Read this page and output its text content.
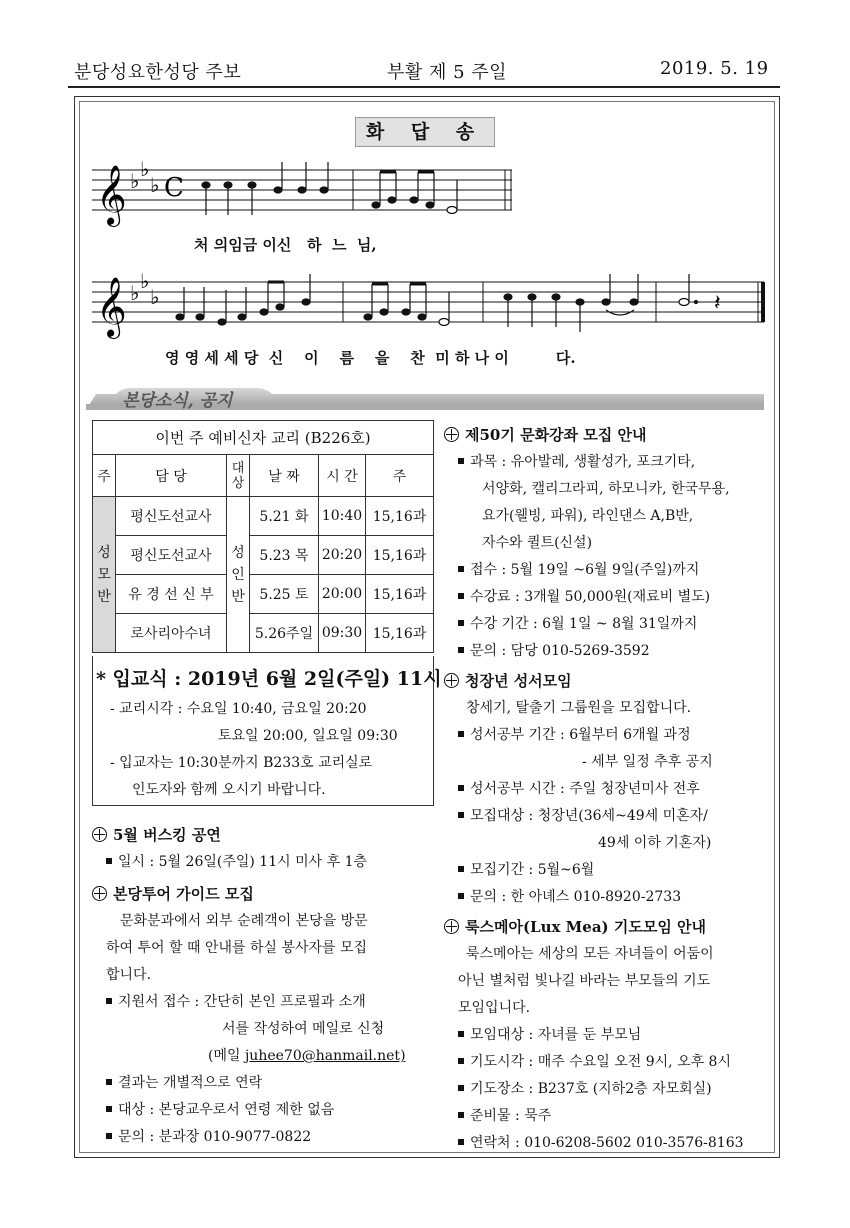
분당성요한성당 주보	부활 제 5 주일	2019. 5. 19
화 답 송
𝄞 ♭ ♭
♭ C
처 의임금 이신   하  느  님,
𝄞 ♭ ♭
♭	𝄽
영 영 세 세 당  신    이    름    을    찬  미 하 나 이         다.
본당소식, 공지
이번 주 예비신자 교리 (B226호)					
주	담 당	대상	날 짜	시 간	주
성모반	평신도선교사	성인반	5.21 화	10:40	15,16과
	평신도선교사		5.23 목	20:20	15,16과
	유 경 선 신 부		5.25 토	20:00	15,16과
	로사리아수녀		5.26주일	09:30	15,16과
* 입교식 : 2019년 6월 2일(주일) 11시
- 교리시각 : 수요일 10:40, 금요일 20:20
토요일 20:00, 일요일 09:30
- 입교자는 10:30분까지 B233호 교리실로
인도자와 함께 오시기 바랍니다.
5월 버스킹 공연
일시 : 5월 26일(주일) 11시 미사 후 1층
본당투어 가이드 모집
문화분과에서 외부 순례객이 본당을 방문
하여 투어 할 때 안내를 하실 봉사자를 모집
합니다.
지원서 접수 : 간단히 본인 프로필과 소개
서를 작성하여 메일로 신청
(메일 juhee70@hanmail.net)
결과는 개별적으로 연락
대상 : 본당교우로서 연령 제한 없음
문의 : 분과장 010-9077-0822
제50기 문화강좌 모집 안내
과목 : 유아발레, 생활성가, 포크기타,
서양화, 캘리그라피, 하모니카, 한국무용,
요가(웰빙, 파워), 라인댄스 A,B반,
자수와 퀼트(신설)
접수 : 5월 19일 ~6월 9일(주일)까지
수강료 : 3개월 50,000원(재료비 별도)
수강 기간 : 6월 1일 ~ 8월 31일까지
문의 : 담당 010-5269-3592
청장년 성서모임
창세기, 탈출기 그룹원을 모집합니다.
성서공부 기간 : 6월부터 6개월 과정
- 세부 일정 추후 공지
성서공부 시간 : 주일 청장년미사 전후
모집대상 : 청장년(36세~49세 미혼자/
49세 이하 기혼자)
모집기간 : 5월~6월
문의 : 한 아녜스 010-8920-2733
룩스메아(Lux Mea) 기도모임 안내
룩스메아는 세상의 모든 자녀들이 어둠이
아닌 별처럼 빛나길 바라는 부모들의 기도
모임입니다.
모임대상 : 자녀를 둔 부모님
기도시각 : 매주 수요일 오전 9시, 오후 8시
기도장소 : B237호 (지하2층 자모회실)
준비물 : 묵주
연락처 : 010-6208-5602 010-3576-8163
